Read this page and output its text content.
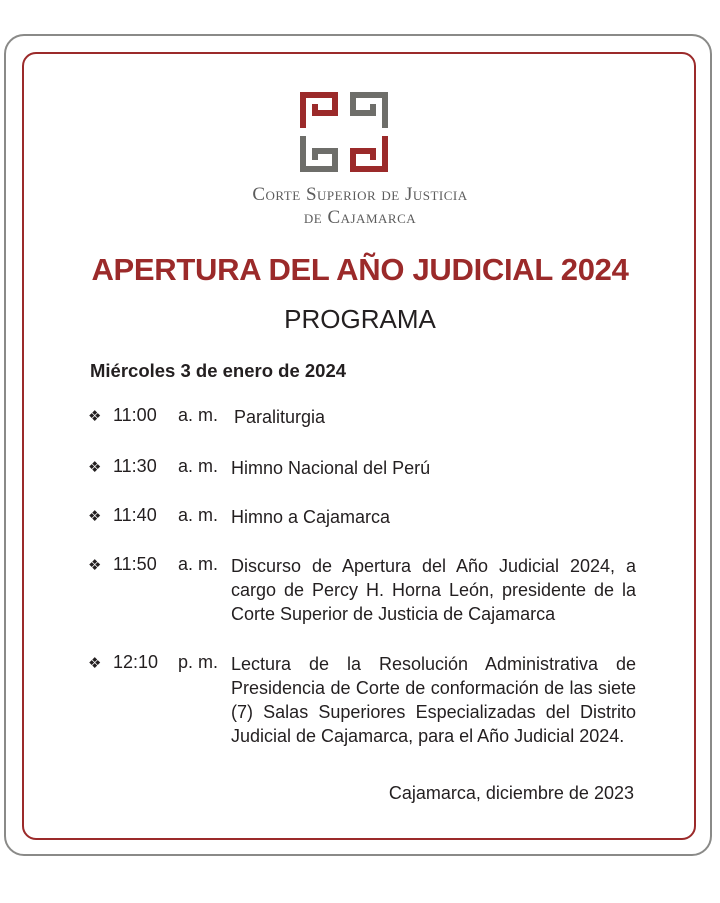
Corte Superior de Justicia
de Cajamarca
APERTURA DEL AÑO JUDICIAL 2024
PROGRAMA
Miércoles 3 de enero de 2024
❖ 11:00 a. m. Paraliturgia
❖ 11:30 a. m. Himno Nacional del Perú
❖ 11:40 a. m. Himno a Cajamarca
❖ 11:50 a. m. Discurso de Apertura del Año Judicial 2024, a cargo de Percy H. Horna León, presidente de la Corte Superior de Justicia de Cajamarca
❖ 12:10 p. m. Lectura de la Resolución Administrativa de Presidencia de Corte de conformación de las siete (7) Salas Superiores Especializadas del Distrito Judicial de Cajamarca, para el Año Judicial 2024.
Cajamarca, diciembre de 2023
